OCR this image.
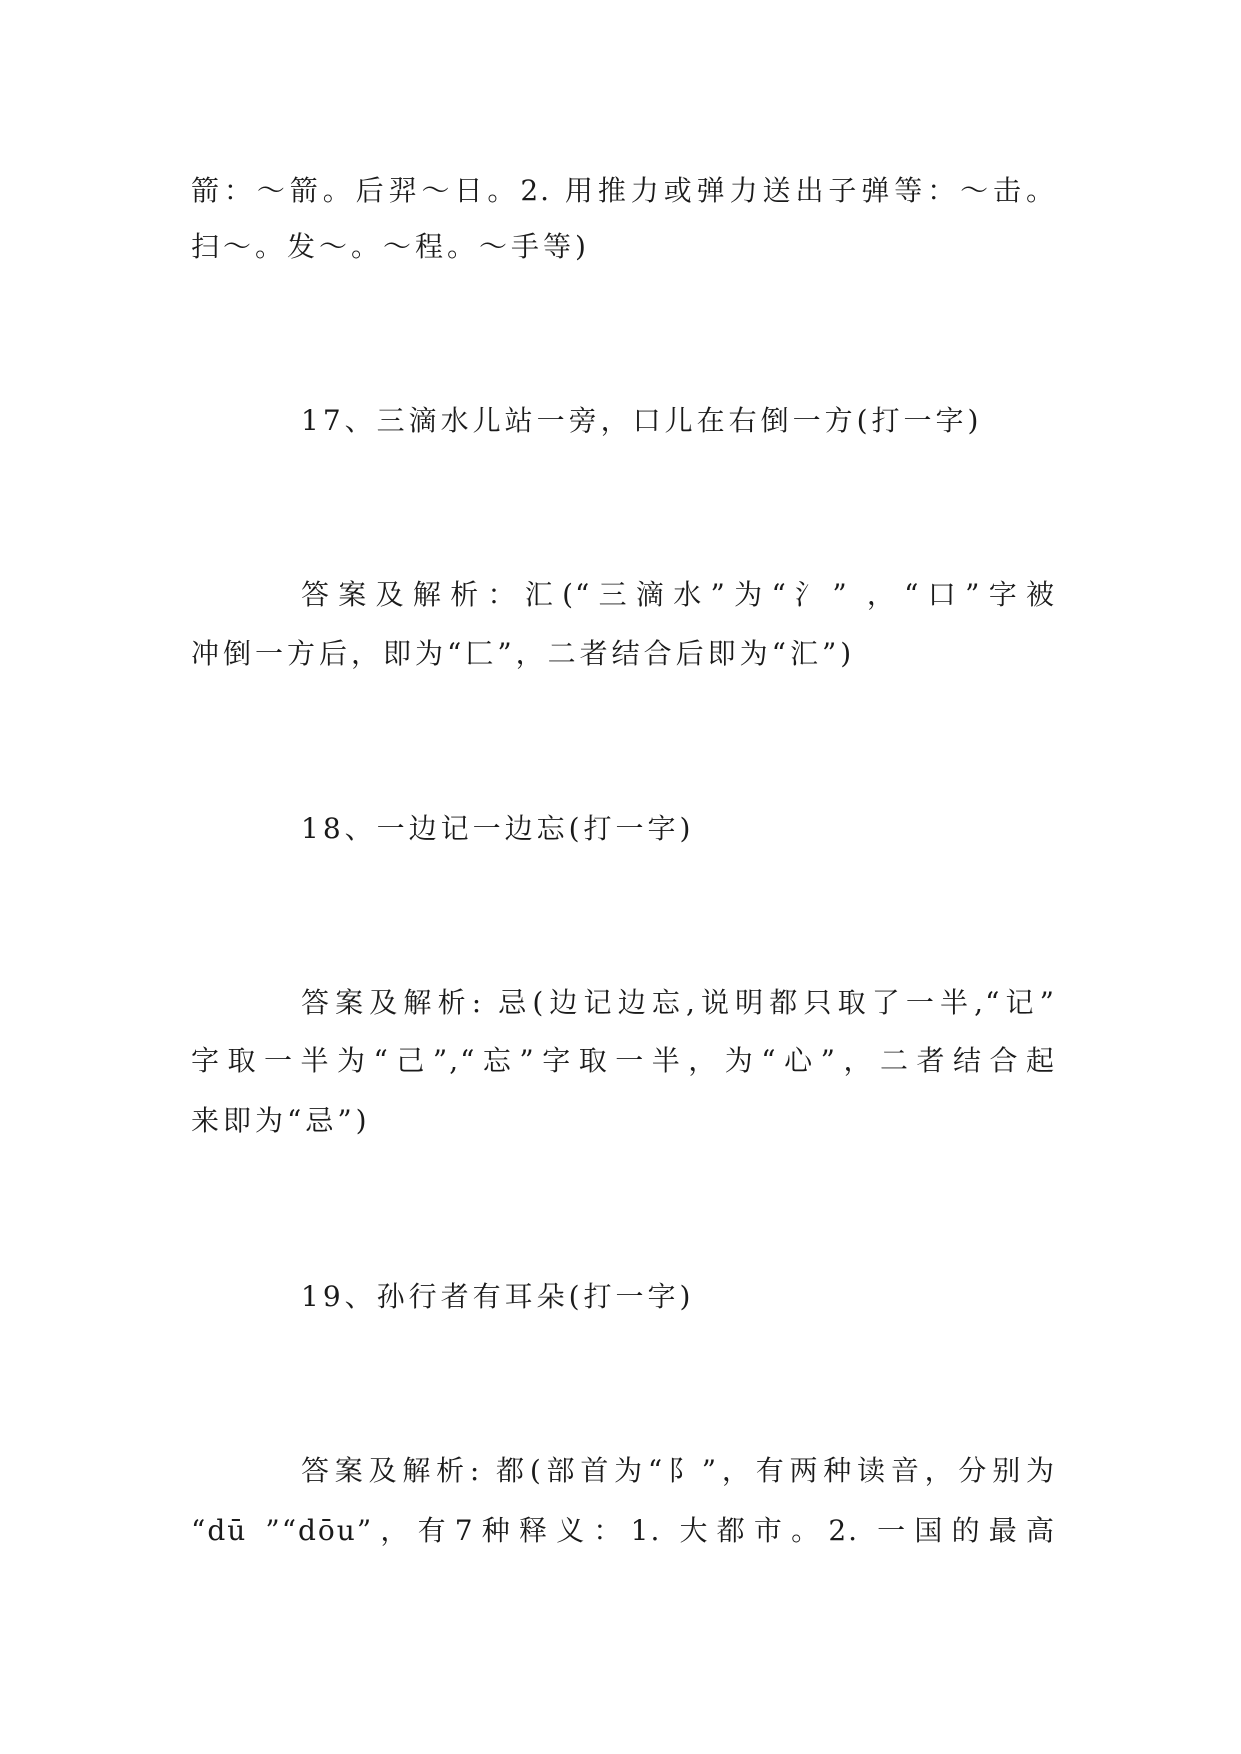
箭：～箭。后羿～日。2. 用推力或弹力送出子弹等：～击。
扫～。发～。～程。～手等)
17、三滴水儿站一旁，口儿在右倒一方(打一字)
答案及解析：汇(“三滴水”为“氵” ，“口”字被
冲倒一方后，即为“匚”，二者结合后即为“汇”)
18、一边记一边忘(打一字)
答案及解析: 忌(边记边忘,说明都只取了一半,“记”
字取一半为“己”,“忘”字取一半，为“心”，二者结合起
来即为“忌”)
19、孙行者有耳朵(打一字)
答案及解析: 都(部首为“阝”，有两种读音，分别为
“dū ”“dōu”，有7种释义：1. 大都市。2. 一国的最高
